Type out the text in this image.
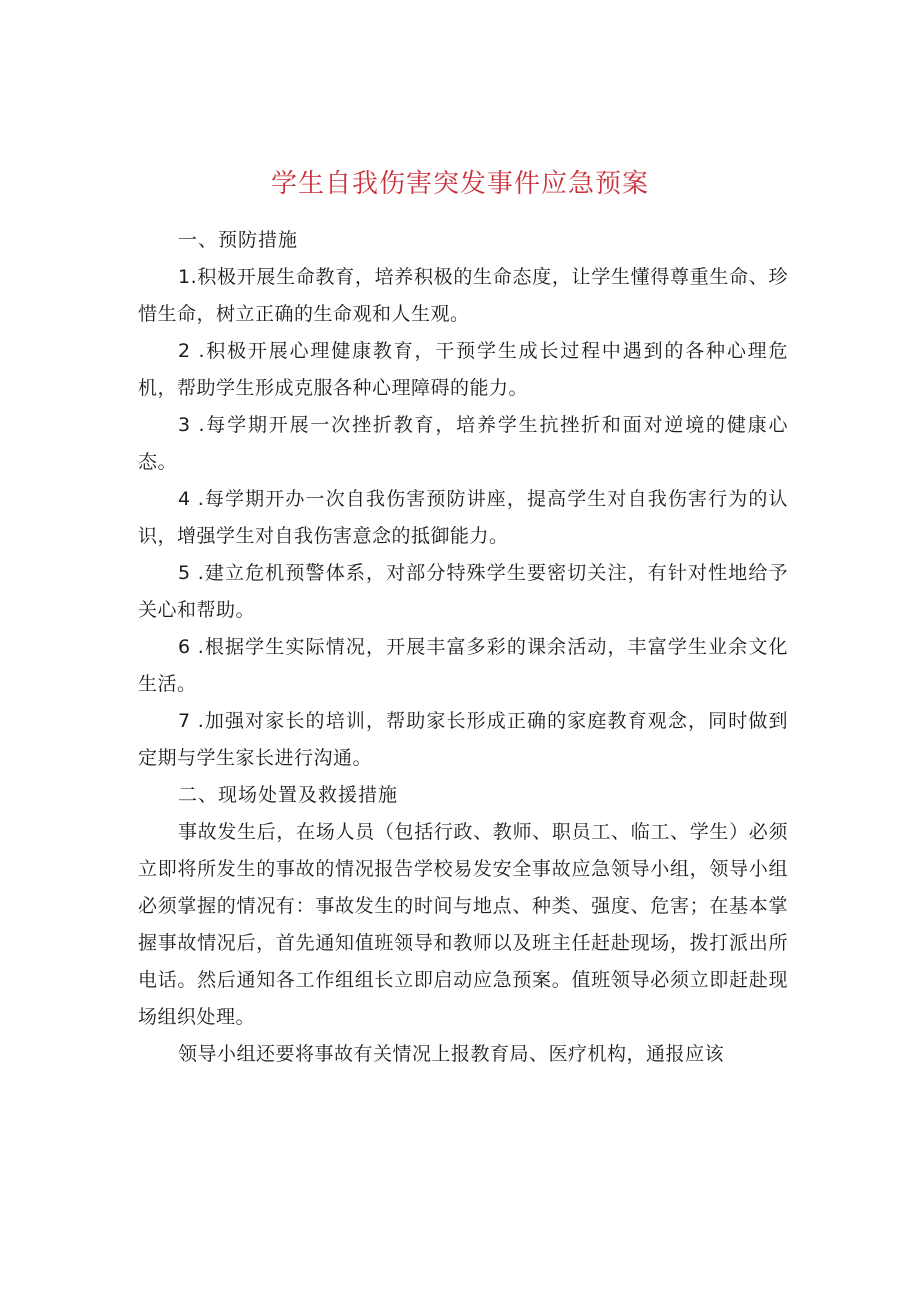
学生自我伤害突发事件应急预案

一、预防措施

1.积极开展生命教育，培养积极的生命态度，让学生懂得尊重生命、珍惜生命，树立正确的生命观和人生观。

2 .积极开展心理健康教育，干预学生成长过程中遇到的各种心理危机，帮助学生形成克服各种心理障碍的能力。

3 .每学期开展一次挫折教育，培养学生抗挫折和面对逆境的健康心态。

4 .每学期开办一次自我伤害预防讲座，提高学生对自我伤害行为的认识，增强学生对自我伤害意念的抵御能力。

5 .建立危机预警体系，对部分特殊学生要密切关注，有针对性地给予关心和帮助。

6 .根据学生实际情况，开展丰富多彩的课余活动，丰富学生业余文化生活。

7 .加强对家长的培训，帮助家长形成正确的家庭教育观念，同时做到定期与学生家长进行沟通。

二、现场处置及救援措施

事故发生后，在场人员（包括行政、教师、职员工、临工、学生）必须立即将所发生的事故的情况报告学校易发安全事故应急领导小组，领导小组必须掌握的情况有：事故发生的时间与地点、种类、强度、危害；在基本掌握事故情况后，首先通知值班领导和教师以及班主任赶赴现场，拨打派出所电话。然后通知各工作组组长立即启动应急预案。值班领导必须立即赶赴现场组织处理。

领导小组还要将事故有关情况上报教育局、医疗机构，通报应该
